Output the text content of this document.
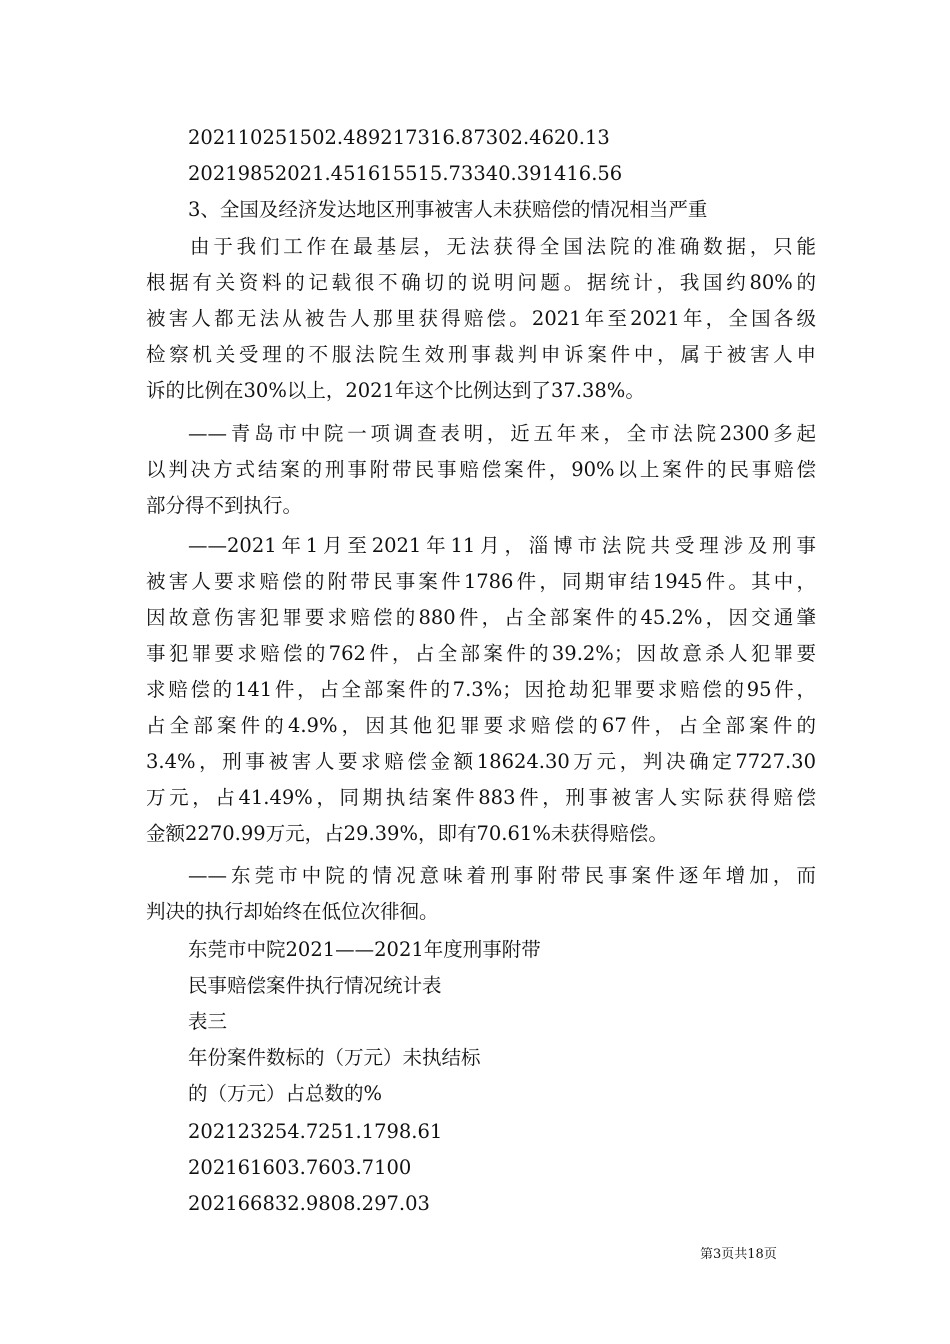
202110251502.489217316.87302.4620.13
20219852021.451615515.73340.391416.56
3、全国及经济发达地区刑事被害人未获赔偿的情况相当严重
由于我们工作在最基层，无法获得全国法院的准确数据，只能
根据有关资料的记载很不确切的说明问题。据统计，我国约80%的
被害人都无法从被告人那里获得赔偿。2021年至2021年，全国各级
检察机关受理的不服法院生效刑事裁判申诉案件中，属于被害人申
诉的比例在30%以上，2021年这个比例达到了37.38%。
——青岛市中院一项调查表明，近五年来，全市法院2300多起
以判决方式结案的刑事附带民事赔偿案件，90%以上案件的民事赔偿
部分得不到执行。
——2021年1月至2021年11月，淄博市法院共受理涉及刑事
被害人要求赔偿的附带民事案件1786件，同期审结1945件。其中，
因故意伤害犯罪要求赔偿的880件，占全部案件的45.2%，因交通肇
事犯罪要求赔偿的762件，占全部案件的39.2%；因故意杀人犯罪要
求赔偿的141件，占全部案件的7.3%；因抢劫犯罪要求赔偿的95件，
占全部案件的4.9%，因其他犯罪要求赔偿的67件，占全部案件的
3.4%，刑事被害人要求赔偿金额18624.30万元，判决确定7727.30
万元，占41.49%，同期执结案件883件，刑事被害人实际获得赔偿
金额2270.99万元，占29.39%，即有70.61%未获得赔偿。
——东莞市中院的情况意味着刑事附带民事案件逐年增加，而
判决的执行却始终在低位次徘徊。
东莞市中院2021——2021年度刑事附带
民事赔偿案件执行情况统计表
表三
年份案件数标的（万元）未执结标
的（万元）占总数的%
202123254.7251.1798.61
202161603.7603.7100
202166832.9808.297.03
第3页共18页
